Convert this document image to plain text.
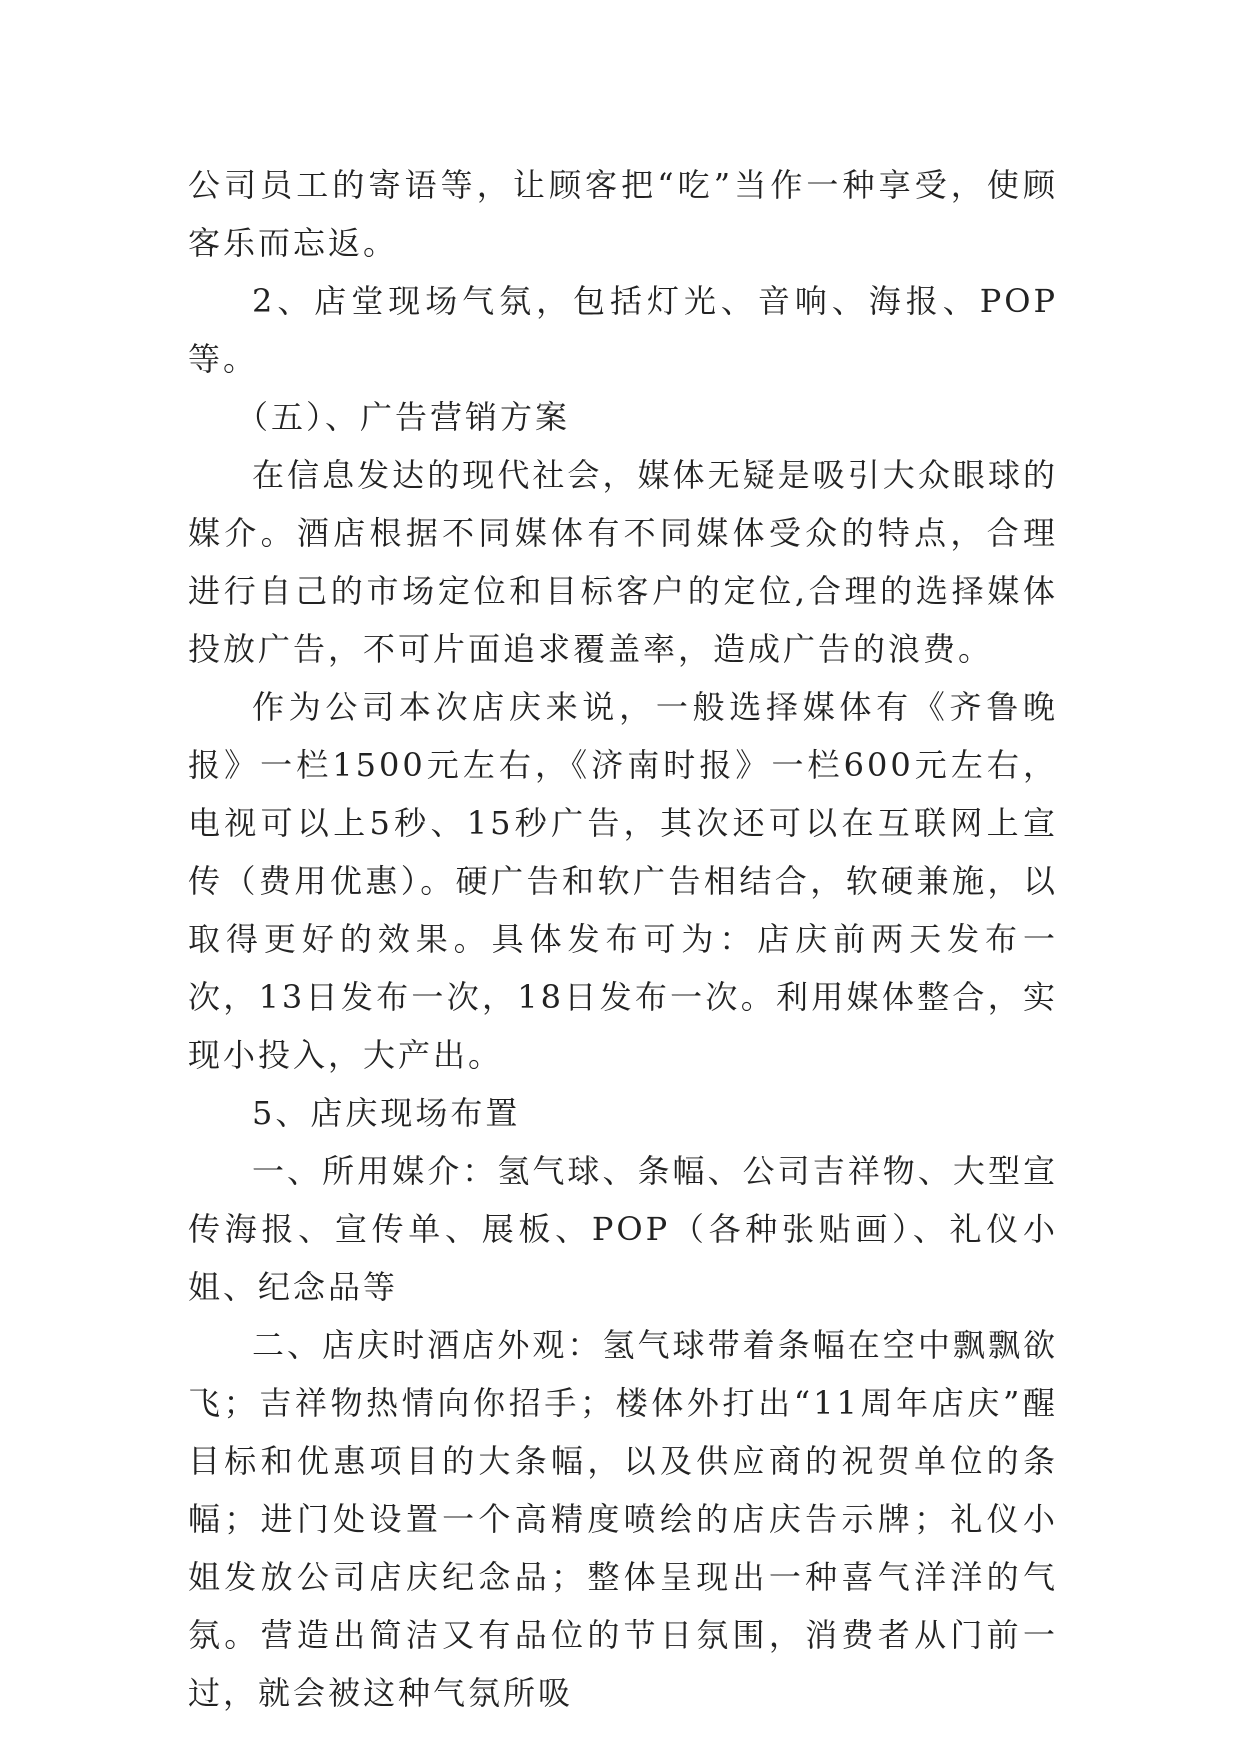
公司员工的寄语等，让顾客把“吃”当作一种享受，使顾客乐而忘返。

2、店堂现场气氛，包括灯光、音响、海报、POP等。

（五）、广告营销方案

在信息发达的现代社会，媒体无疑是吸引大众眼球的媒介。酒店根据不同媒体有不同媒体受众的特点，合理进行自己的市场定位和目标客户的定位,合理的选择媒体投放广告，不可片面追求覆盖率，造成广告的浪费。

作为公司本次店庆来说，一般选择媒体有《齐鲁晚报》一栏1500元左右，《济南时报》一栏600元左右，电视可以上5秒、15秒广告，其次还可以在互联网上宣传（费用优惠）。硬广告和软广告相结合，软硬兼施，以取得更好的效果。具体发布可为：店庆前两天发布一次，13日发布一次，18日发布一次。利用媒体整合，实现小投入，大产出。

5、店庆现场布置

一、所用媒介：氢气球、条幅、公司吉祥物、大型宣传海报、宣传单、展板、POP（各种张贴画）、礼仪小姐、纪念品等

二、店庆时酒店外观：氢气球带着条幅在空中飘飘欲飞；吉祥物热情向你招手；楼体外打出“11周年店庆”醒目标和优惠项目的大条幅，以及供应商的祝贺单位的条幅；进门处设置一个高精度喷绘的店庆告示牌；礼仪小姐发放公司店庆纪念品；整体呈现出一种喜气洋洋的气氛。营造出简洁又有品位的节日氛围，消费者从门前一过，就会被这种气氛所吸
